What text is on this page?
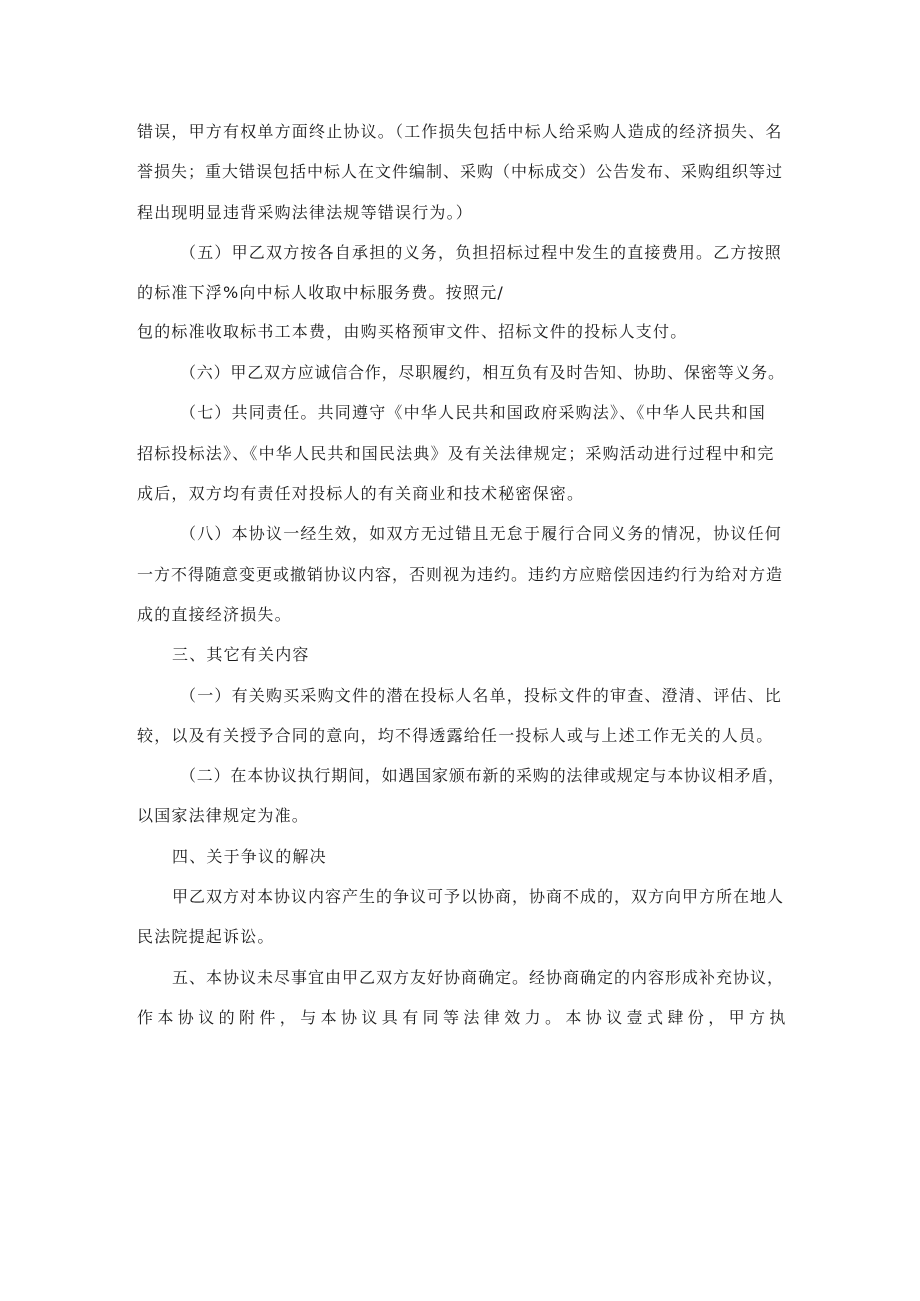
错误，甲方有权单方面终止协议。（工作损失包括中标人给采购人造成的经济损失、名
誉损失；重大错误包括中标人在文件编制、采购（中标成交）公告发布、采购组织等过
程出现明显违背采购法律法规等错误行为。）
（五）甲乙双方按各自承担的义务，负担招标过程中发生的直接费用。乙方按照
的标准下浮%向中标人收取中标服务费。按照元/
包的标准收取标书工本费，由购买格预审文件、招标文件的投标人支付。
（六）甲乙双方应诚信合作，尽职履约，相互负有及时告知、协助、保密等义务。
（七）共同责任。共同遵守《中华人民共和国政府采购法》、《中华人民共和国
招标投标法》、《中华人民共和国民法典》及有关法律规定；采购活动进行过程中和完
成后，双方均有责任对投标人的有关商业和技术秘密保密。
（八）本协议一经生效，如双方无过错且无怠于履行合同义务的情况，协议任何
一方不得随意变更或撤销协议内容，否则视为违约。违约方应赔偿因违约行为给对方造
成的直接经济损失。
三、其它有关内容
（一）有关购买采购文件的潜在投标人名单，投标文件的审查、澄清、评估、比
较，以及有关授予合同的意向，均不得透露给任一投标人或与上述工作无关的人员。
（二）在本协议执行期间，如遇国家颁布新的采购的法律或规定与本协议相矛盾，
以国家法律规定为准。
四、关于争议的解决
甲乙双方对本协议内容产生的争议可予以协商，协商不成的，双方向甲方所在地人
民法院提起诉讼。
五、本协议未尽事宜由甲乙双方友好协商确定。经协商确定的内容形成补充协议，
作本协议的附件，与本协议具有同等法律效力。本协议壹式肆份，甲方执
